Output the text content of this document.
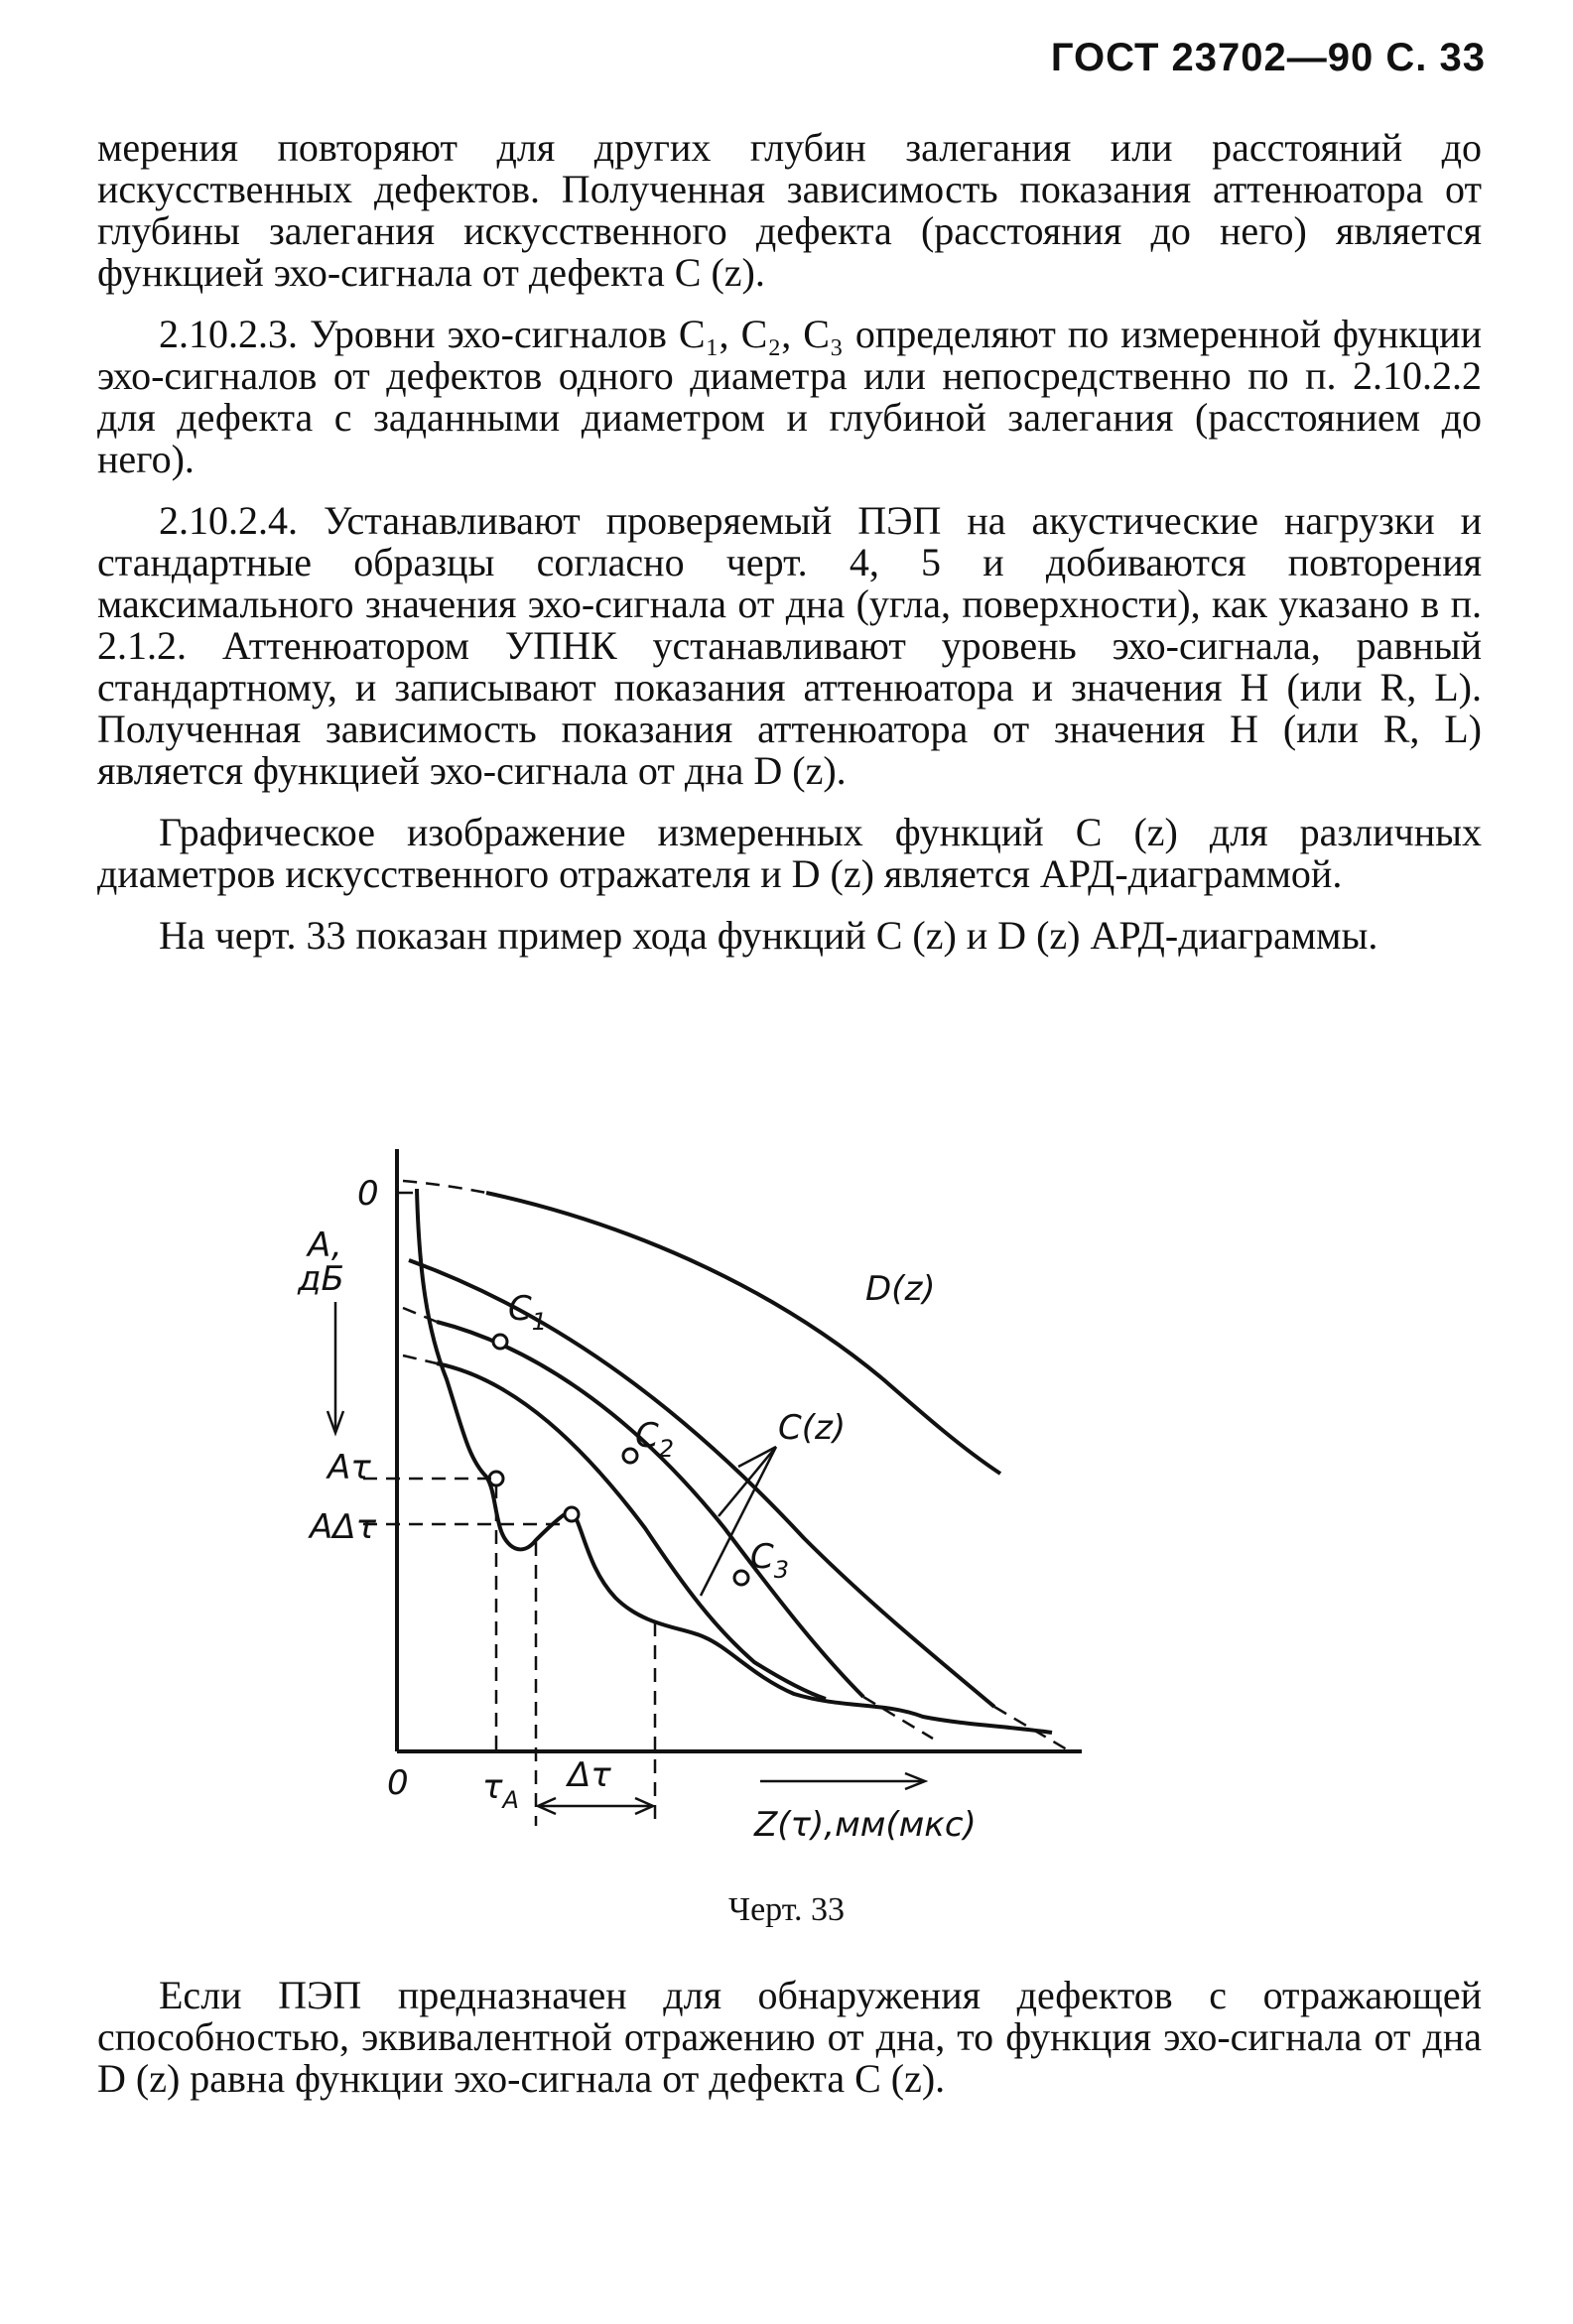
ГОСТ 23702—90 С. 33

мерения повторяют для других глубин залегания или расстояний до искусственных дефектов. Полученная зависимость показания аттенюатора от глубины залегания искусственного дефекта (расстояния до него) является функцией эхо-сигнала от дефекта C (z).

2.10.2.3. Уровни эхо-сигналов C₁, C₂, C₃ определяют по измеренной функции эхо-сигналов от дефектов одного диаметра или непосредственно по п. 2.10.2.2 для дефекта с заданными диаметром и глубиной залегания (расстоянием до него).

2.10.2.4. Устанавливают проверяемый ПЭП на акустические нагрузки и стандартные образцы согласно черт. 4, 5 и добиваются повторения максимального значения эхо-сигнала от дна (угла, поверхности), как указано в п. 2.1.2. Аттенюатором УПНК устанавливают уровень эхо-сигнала, равный стандартному, и записывают показания аттенюатора и значения H (или R, L). Полученная зависимость показания аттенюатора от значения H (или R, L) является функцией эхо-сигнала от дна D (z).

Графическое изображение измеренных функций C (z) для различных диаметров искусственного отражателя и D (z) является АРД-диаграммой.

На черт. 33 показан пример хода функций C (z) и D (z) АРД-диаграммы.

0
A,
дБ
Aτ
AΔτ
D(z)
$C_1$
$C_2$
$C_3$
C(z)
0 $\tau_A$
Δτ
Z(τ),мм(мкс)
Черт. 33

Если ПЭП предназначен для обнаружения дефектов с отражающей способностью, эквивалентной отражению от дна, то функция эхо-сигнала от дна D (z) равна функции эхо-сигнала от дефекта C (z).
